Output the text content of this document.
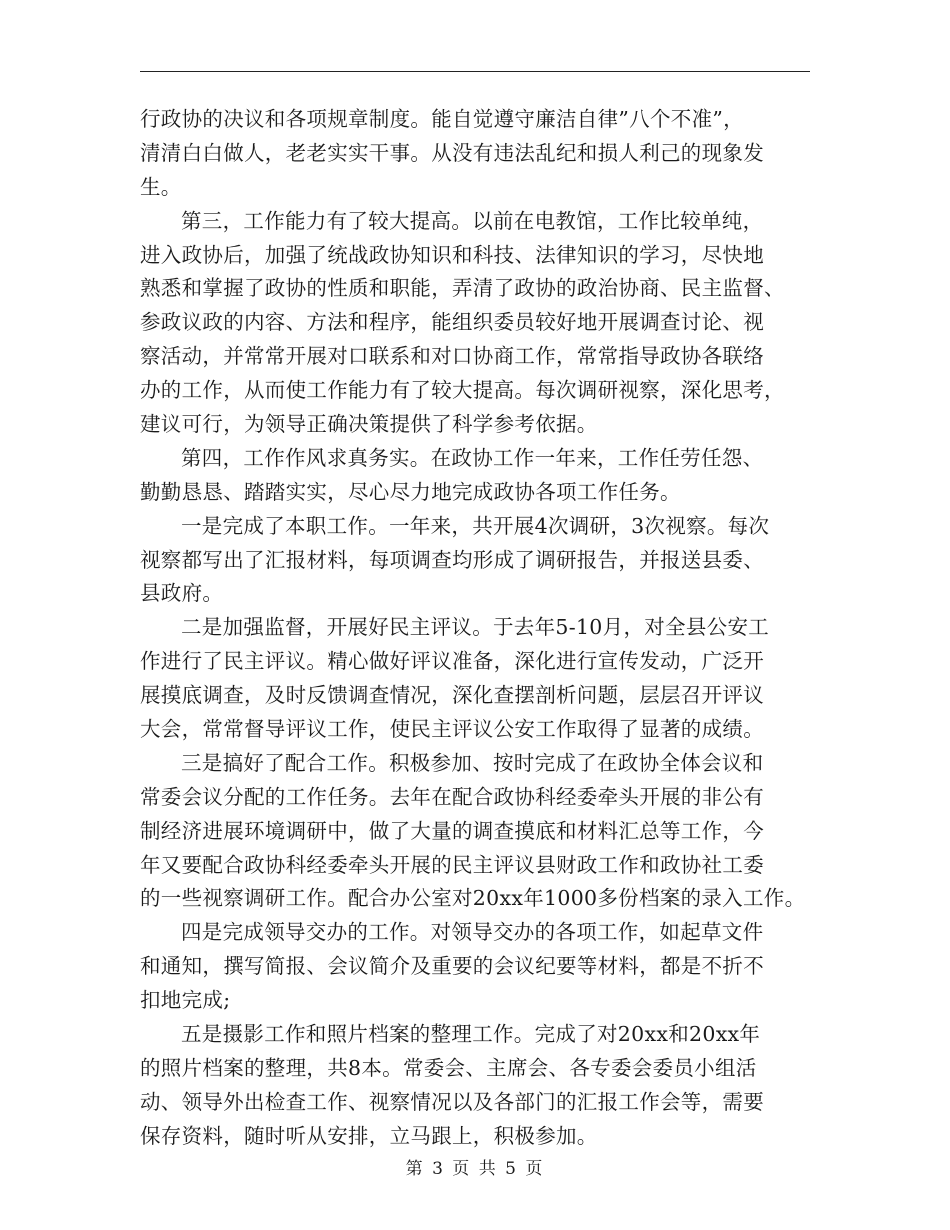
行政协的决议和各项规章制度。能自觉遵守廉洁自律”八个不准”，
清清白白做人，老老实实干事。从没有违法乱纪和损人利己的现象发
生。
第三，工作能力有了较大提高。以前在电教馆，工作比较单纯，
进入政协后，加强了统战政协知识和科技、法律知识的学习，尽快地
熟悉和掌握了政协的性质和职能，弄清了政协的政治协商、民主监督、
参政议政的内容、方法和程序，能组织委员较好地开展调查讨论、视
察活动，并常常开展对口联系和对口协商工作，常常指导政协各联络
办的工作，从而使工作能力有了较大提高。每次调研视察，深化思考，
建议可行，为领导正确决策提供了科学参考依据。
第四，工作作风求真务实。在政协工作一年来，工作任劳任怨、
勤勤恳恳、踏踏实实，尽心尽力地完成政协各项工作任务。
一是完成了本职工作。一年来，共开展4次调研，3次视察。每次
视察都写出了汇报材料，每项调查均形成了调研报告，并报送县委、
县政府。
二是加强监督，开展好民主评议。于去年5-10月，对全县公安工
作进行了民主评议。精心做好评议准备，深化进行宣传发动，广泛开
展摸底调查，及时反馈调查情况，深化查摆剖析问题，层层召开评议
大会，常常督导评议工作，使民主评议公安工作取得了显著的成绩。
三是搞好了配合工作。积极参加、按时完成了在政协全体会议和
常委会议分配的工作任务。去年在配合政协科经委牵头开展的非公有
制经济进展环境调研中，做了大量的调查摸底和材料汇总等工作，今
年又要配合政协科经委牵头开展的民主评议县财政工作和政协社工委
的一些视察调研工作。配合办公室对20xx年1000多份档案的录入工作。
四是完成领导交办的工作。对领导交办的各项工作，如起草文件
和通知，撰写简报、会议简介及重要的会议纪要等材料，都是不折不
扣地完成;
五是摄影工作和照片档案的整理工作。完成了对20xx和20xx年
的照片档案的整理，共8本。常委会、主席会、各专委会委员小组活
动、领导外出检查工作、视察情况以及各部门的汇报工作会等，需要
保存资料，随时听从安排，立马跟上，积极参加。
第 3 页 共 5 页
